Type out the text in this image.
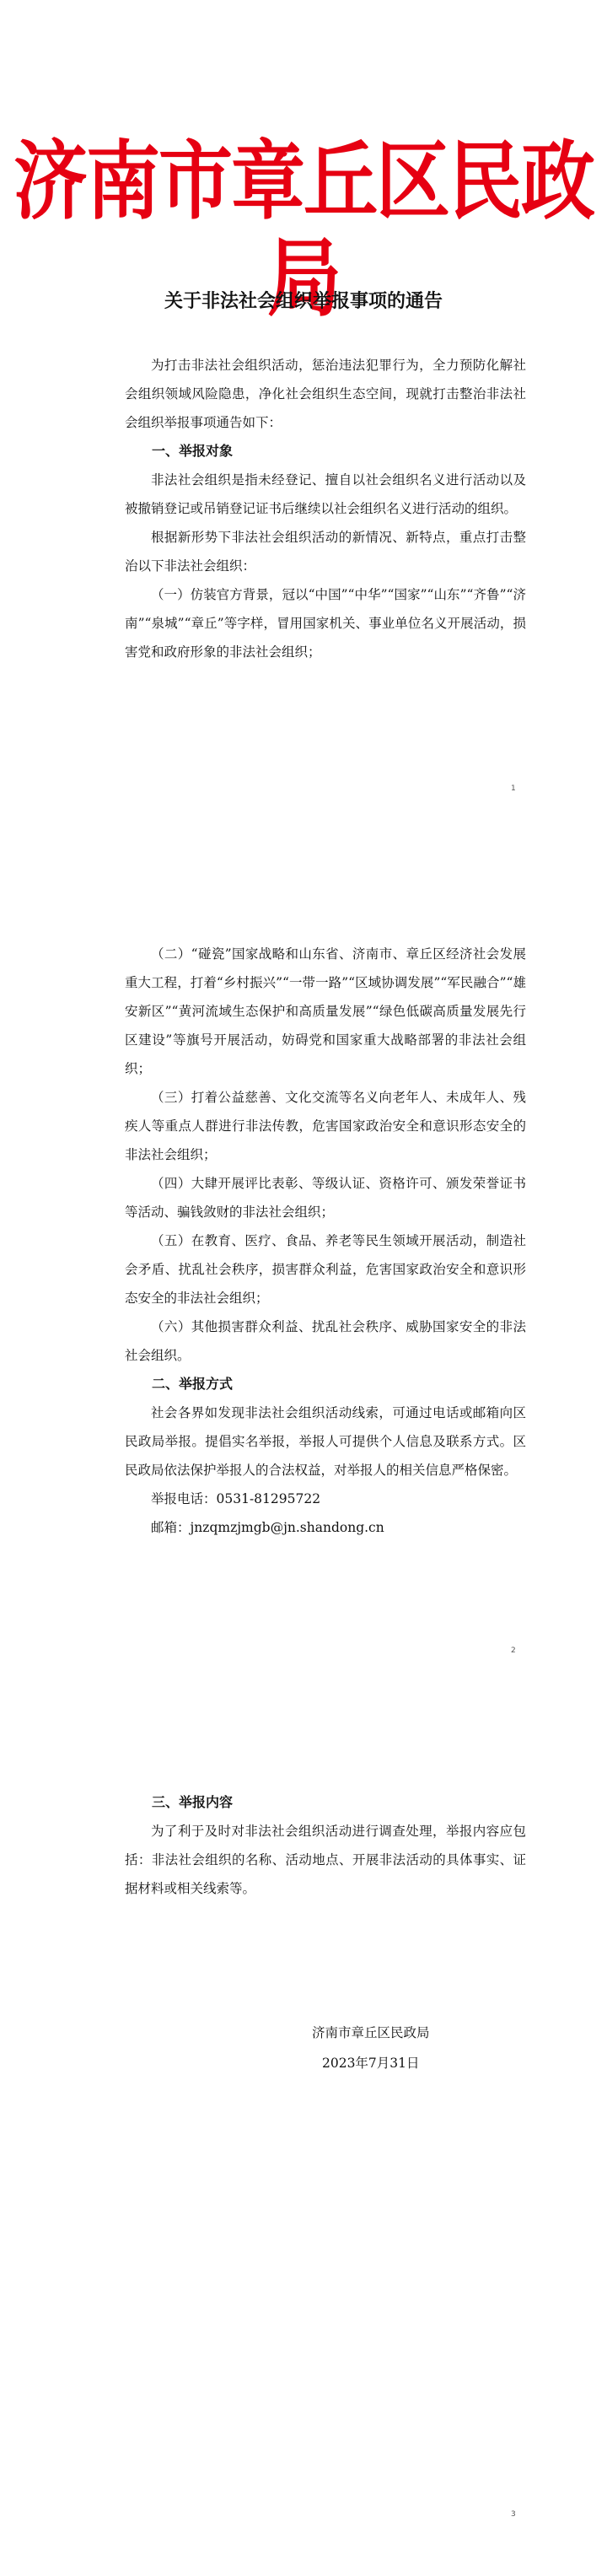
济南市章丘区民政局
关于非法社会组织举报事项的通告

为打击非法社会组织活动，惩治违法犯罪行为，全力预防化解社会组织领域风险隐患，净化社会组织生态空间，现就打击整治非法社会组织举报事项通告如下：

一、举报对象

非法社会组织是指未经登记、擅自以社会组织名义进行活动以及被撤销登记或吊销登记证书后继续以社会组织名义进行活动的组织。

根据新形势下非法社会组织活动的新情况、新特点，重点打击整治以下非法社会组织：

（一）仿装官方背景，冠以“中国”“中华”“国家”“山东”“齐鲁”“济南”“泉城”“章丘”等字样，冒用国家机关、事业单位名义开展活动，损害党和政府形象的非法社会组织；

1

（二）“碰瓷”国家战略和山东省、济南市、章丘区经济社会发展重大工程，打着“乡村振兴”“一带一路”“区域协调发展”“军民融合”“雄安新区”“黄河流域生态保护和高质量发展”“绿色低碳高质量发展先行区建设”等旗号开展活动，妨碍党和国家重大战略部署的非法社会组织；

（三）打着公益慈善、文化交流等名义向老年人、未成年人、残疾人等重点人群进行非法传教，危害国家政治安全和意识形态安全的非法社会组织；

（四）大肆开展评比表彰、等级认证、资格许可、颁发荣誉证书等活动、骗钱敛财的非法社会组织；

（五）在教育、医疗、食品、养老等民生领域开展活动，制造社会矛盾、扰乱社会秩序，损害群众利益，危害国家政治安全和意识形态安全的非法社会组织；

（六）其他损害群众利益、扰乱社会秩序、威胁国家安全的非法社会组织。

二、举报方式

社会各界如发现非法社会组织活动线索，可通过电话或邮箱向区民政局举报。提倡实名举报，举报人可提供个人信息及联系方式。区民政局依法保护举报人的合法权益，对举报人的相关信息严格保密。

举报电话：0531-81295722

邮箱：jnzqmzjmgb@jn.shandong.cn

2
三、举报内容

为了利于及时对非法社会组织活动进行调查处理，举报内容应包括：非法社会组织的名称、活动地点、开展非法活动的具体事实、证据材料或相关线索等。

济南市章丘区民政局
2023年7月31日
3
